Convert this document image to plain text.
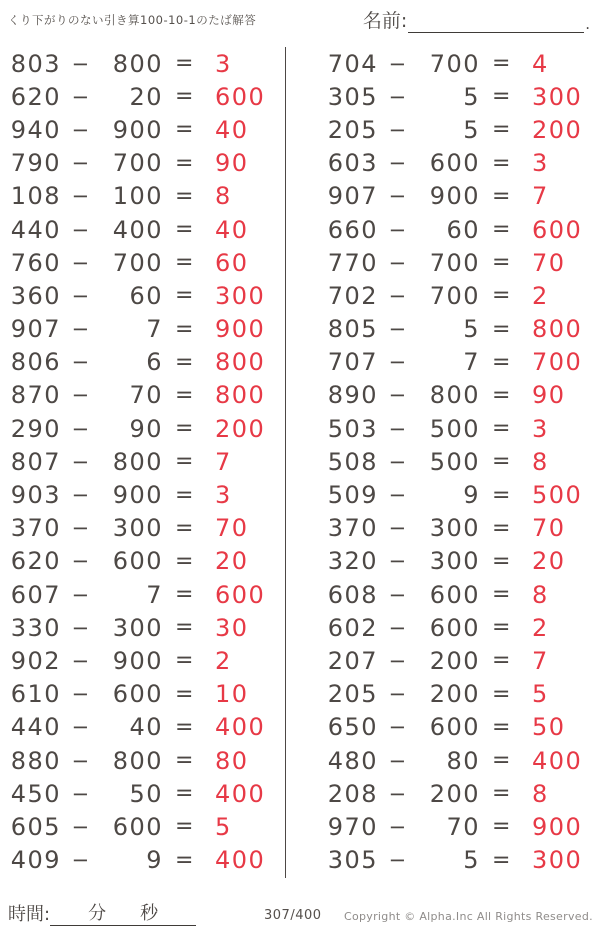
くり下がりのない引き算100-10-1のたば解答	名前:	.
803 − 800 = 3
620 −	20 = 600
940 − 900 = 40
790 − 700 = 90
108 − 100 = 8
440 − 400 = 40
760 − 700 = 60
360 −	60 = 300
907 −	7 = 900
806 −	6 = 800
870 −	70 = 800
290 −	90 = 200
807 − 800 = 7
903 − 900 = 3
370 − 300 = 70
620 − 600 = 20
607 −	7 = 600
330 − 300 = 30
902 − 900 = 2
610 − 600 = 10
440 −	40 = 400
880 − 800 = 80
450 −	50 = 400
605 − 600 = 5
409 −	9 = 400
704 − 700 = 4
305 −	5 = 300
205 −	5 = 200
603 − 600 = 3
907 − 900 = 7
660 −	60 = 600
770 − 700 = 70
702 − 700 = 2
805 −	5 = 800
707 −	7 = 700
890 − 800 = 90
503 − 500 = 3
508 − 500 = 8
509 −	9 = 500
370 − 300 = 70
320 − 300 = 20
608 − 600 = 8
602 − 600 = 2
207 − 200 = 7
205 − 200 = 5
650 − 600 = 50
480 −	80 = 400
208 − 200 = 8
970 −	70 = 900
305 −	5 = 300
時間: 分 秒	307/400 Copyright © Alpha.Inc All Rights Reserved.
